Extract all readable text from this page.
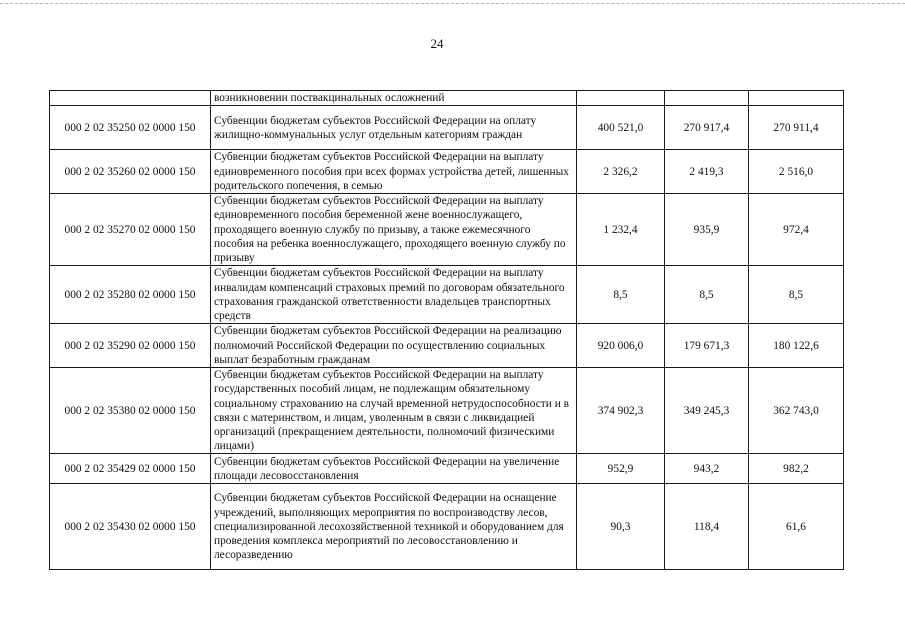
24
	возникновении поствакцинальных осложнений			
000 2 02 35250 02 0000 150	Субвенции бюджетам субъектов Российской Федерации на оплату жилищно-коммунальных услуг отдельным категориям граждан	400 521,0	270 917,4	270 911,4
000 2 02 35260 02 0000 150	Субвенции бюджетам субъектов Российской Федерации на выплату единовременного пособия при всех формах устройства детей, лишенных родительского попечения, в семью	2 326,2	2 419,3	2 516,0
000 2 02 35270 02 0000 150	Субвенции бюджетам субъектов Российской Федерации на выплату единовременного пособия беременной жене военнослужащего, проходящего военную службу по призыву, а также ежемесячного пособия на ребенка военнослужащего, проходящего военную службу по призыву	1 232,4	935,9	972,4
000 2 02 35280 02 0000 150	Субвенции бюджетам субъектов Российской Федерации на выплату инвалидам компенсаций страховых премий по договорам обязательного страхования гражданской ответственности владельцев транспортных средств	8,5	8,5	8,5
000 2 02 35290 02 0000 150	Субвенции бюджетам субъектов Российской Федерации на реализацию полномочий Российской Федерации по осуществлению социальных выплат безработным гражданам	920 006,0	179 671,3	180 122,6
000 2 02 35380 02 0000 150	Субвенции бюджетам субъектов Российской Федерации на выплату государственных пособий лицам, не подлежащим обязательному социальному страхованию на случай временной нетрудоспособности и в связи с материнством, и лицам, уволенным в связи с ликвидацией организаций (прекращением деятельности, полномочий физическими лицами)	374 902,3	349 245,3	362 743,0
000 2 02 35429 02 0000 150	Субвенции бюджетам субъектов Российской Федерации на увеличение площади лесовосстановления	952,9	943,2	982,2
000 2 02 35430 02 0000 150	Субвенции бюджетам субъектов Российской Федерации на оснащение учреждений, выполняющих мероприятия по воспроизводству лесов, специализированной лесохозяйственной техникой и оборудованием для проведения комплекса мероприятий по лесовосстановлению и лесоразведению	90,3	118,4	61,6
